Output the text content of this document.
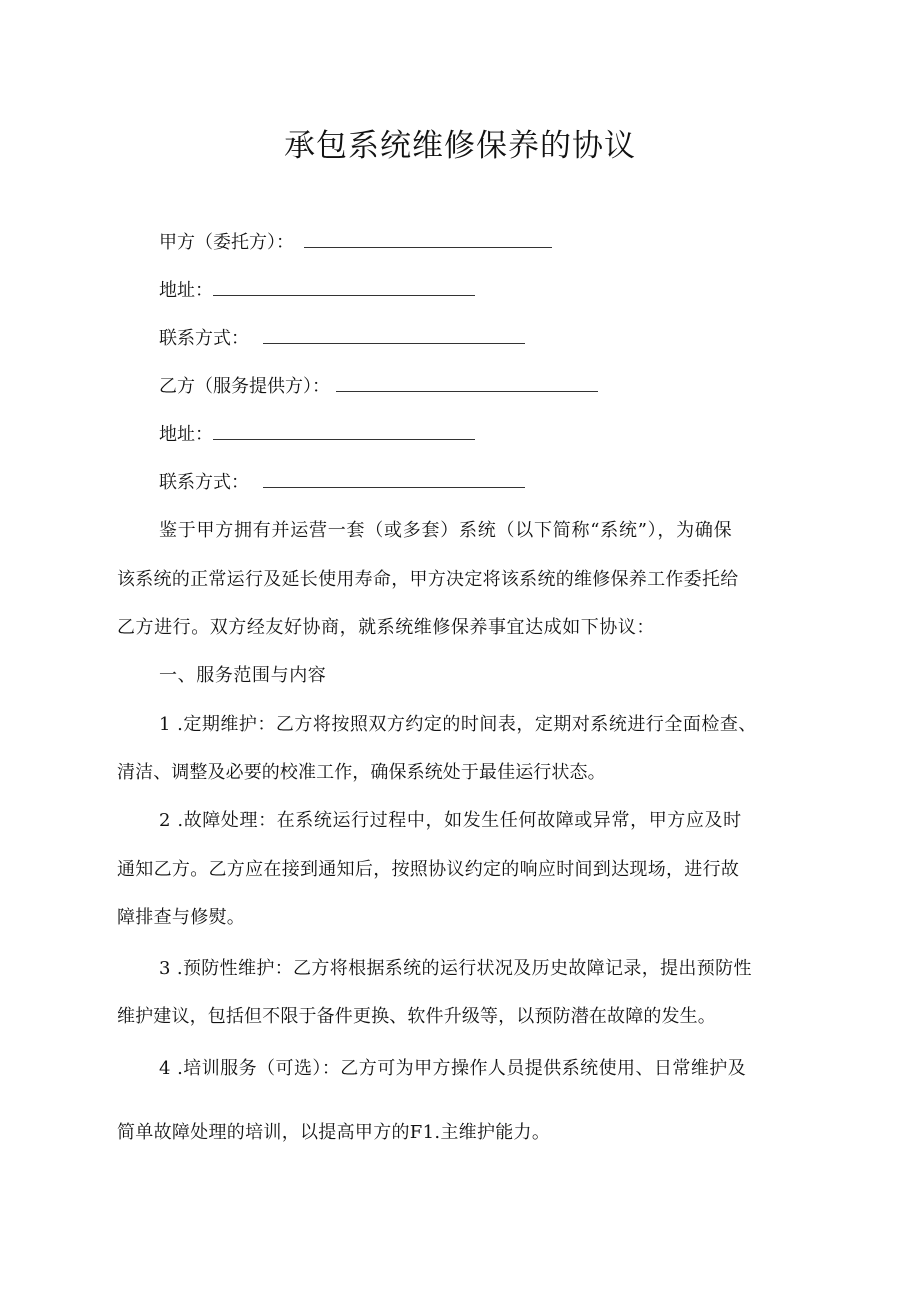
承包系统维修保养的协议
甲方（委托方）：
地址：
联系方式：
乙方（服务提供方）：
地址：
联系方式：
鉴于甲方拥有并运营一套（或多套）系统（以下简称“系统”），为确保
该系统的正常运行及延长使用寿命，甲方决定将该系统的维修保养工作委托给
乙方进行。双方经友好协商，就系统维修保养事宜达成如下协议：
一、服务范围与内容
1 .定期维护：乙方将按照双方约定的时间表，定期对系统进行全面检查、
清洁、调整及必要的校准工作，确保系统处于最佳运行状态。
2 .故障处理：在系统运行过程中，如发生任何故障或异常，甲方应及时
通知乙方。乙方应在接到通知后，按照协议约定的响应时间到达现场，进行故
障排查与修熨。
3 .预防性维护：乙方将根据系统的运行状况及历史故障记录，提出预防性
维护建议，包括但不限于备件更换、软件升级等，以预防潜在故障的发生。
4 .培训服务（可选）：乙方可为甲方操作人员提供系统使用、日常维护及
简单故障处理的培训，以提高甲方的F1.主维护能力。
